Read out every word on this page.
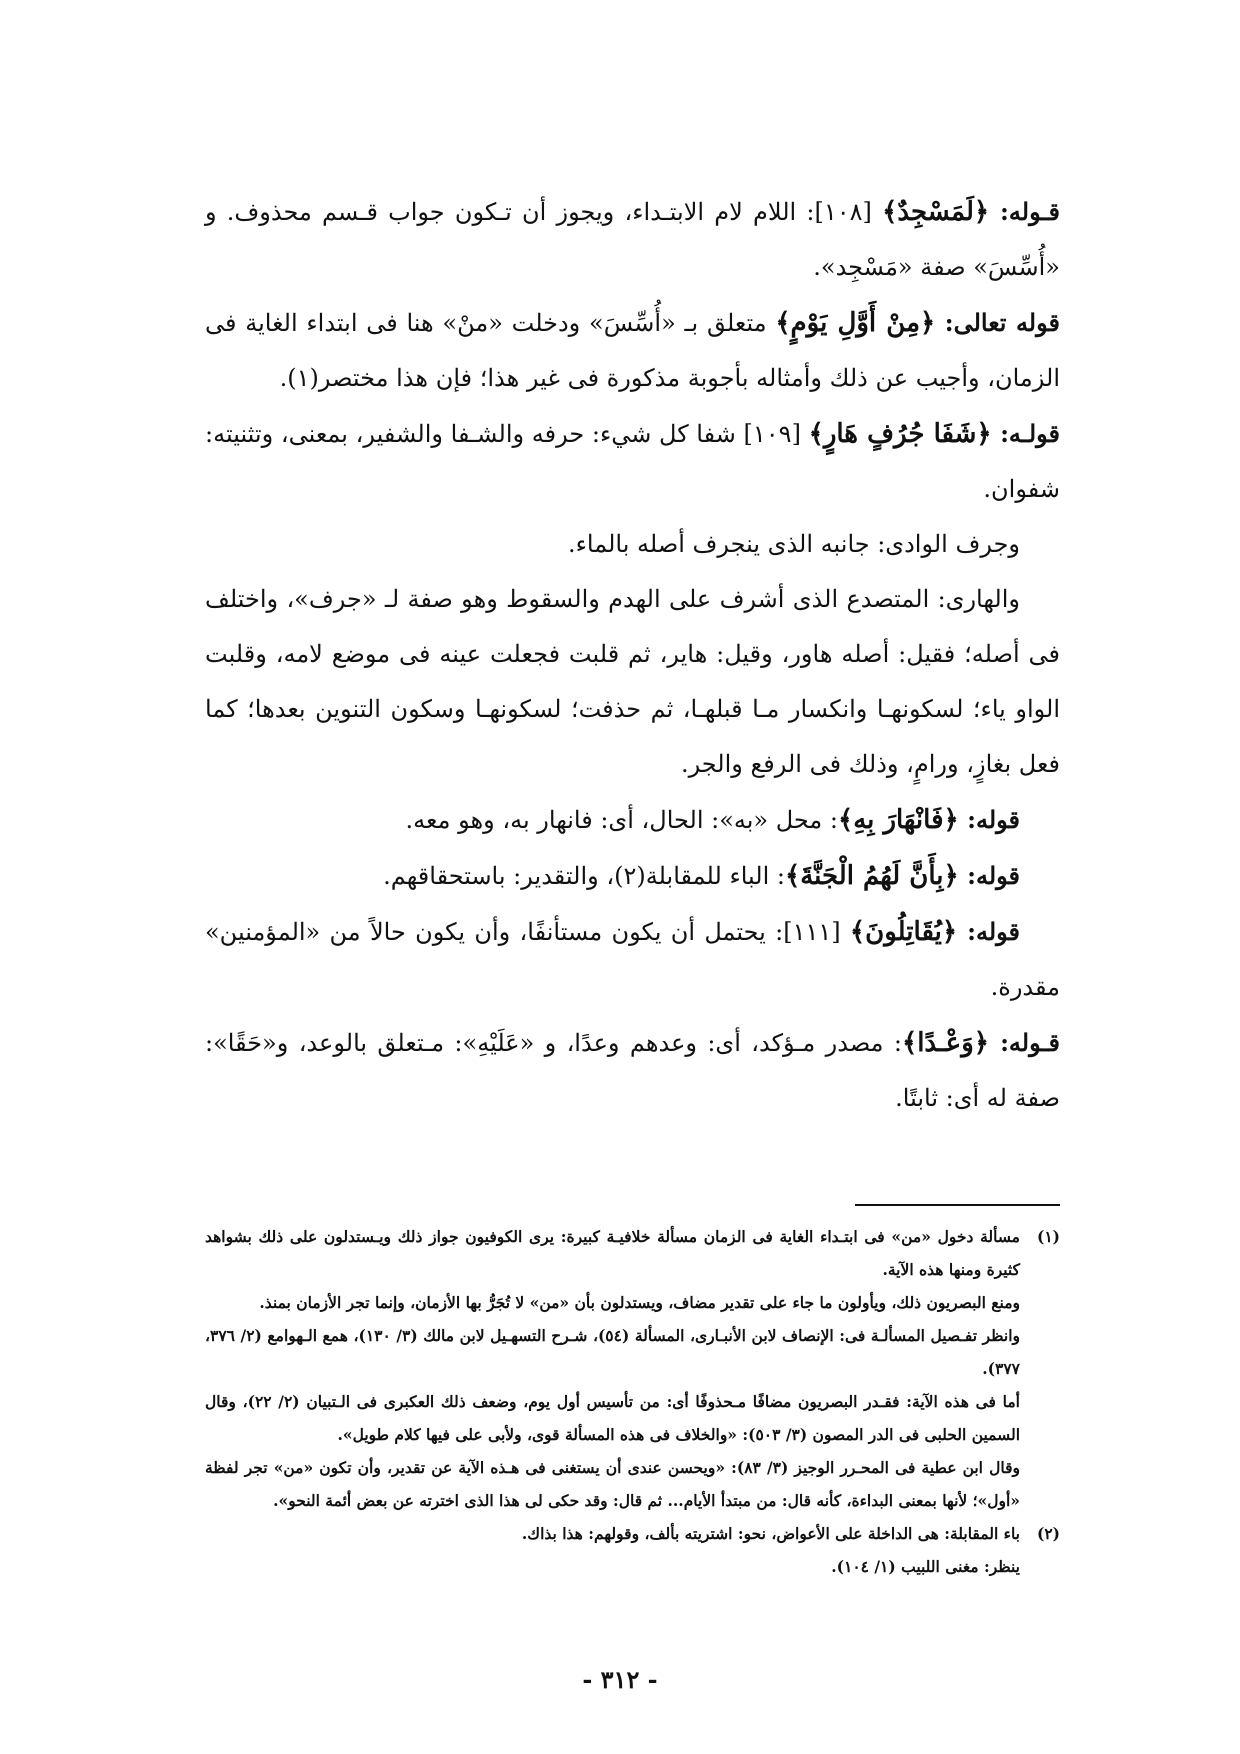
قـوله: ﴿لَمَسْجِدٌ﴾ [١٠٨]: اللام لام الابتـداء، ويجوز أن تـكون جواب قـسم محذوف. و «أُسِّسَ» صفة «مَسْجِد».

قوله تعالى: ﴿مِنْ أَوَّلِ يَوْمٍ﴾ متعلق بـ «أُسِّسَ» ودخلت «منْ» هنا فى ابتداء الغاية فى الزمان، وأجيب عن ذلك وأمثاله بأجوبة مذكورة فى غير هذا؛ فإن هذا مختصر(١).

قولـه: ﴿شَفَا جُرُفٍ هَارٍ﴾ [١٠٩] شفا كل شيء: حرفه والشـفا والشفير، بمعنى، وتثنيته: شفوان.

وجرف الوادى: جانبه الذى ينجرف أصله بالماء.

والهارى: المتصدع الذى أشرف على الهدم والسقوط وهو صفة لـ «جرف»، واختلف فى أصله؛ فقيل: أصله هاور، وقيل: هاير، ثم قلبت فجعلت عينه فى موضع لامه، وقلبت الواو ياء؛ لسكونهـا وانكسار مـا قبلهـا، ثم حذفت؛ لسكونهـا وسكون التنوين بعدها؛ كما فعل بغازٍ، ورامٍ، وذلك فى الرفع والجر.

قوله: ﴿فَانْهَارَ بِهِ﴾: محل «به»: الحال، أى: فانهار به، وهو معه.

قوله: ﴿بِأَنَّ لَهُمُ الْجَنَّةَ﴾: الباء للمقابلة(٢)، والتقدير: باستحقاقهم.

قوله: ﴿يُقَاتِلُونَ﴾ [١١١]: يحتمل أن يكون مستأنفًا، وأن يكون حالاً من «المؤمنين» مقدرة.

قـوله: ﴿وَعْـدًا﴾: مصدر مـؤكد، أى: وعدهم وعدًا، و «عَلَيْهِ»: مـتعلق بالوعد، و«حَقًا»: صفة له أى: ثابتًا.

(١)
مسألة دخول «من» فى ابتـداء الغاية فى الزمان مسألة خلافيـة كبيرة: يرى الكوفيون جواز ذلك ويـستدلون على ذلك بشواهد كثيرة ومنها هذه الآية.
ومنع البصريون ذلك، ويأولون ما جاء على تقدير مضاف، ويستدلون بأن «من» لا تُجَرُّ بها الأزمان، وإنما تجر الأزمان بمنذ.
وانظر تفـصيل المسألـة فى: الإنصاف لابن الأنبـارى، المسألة (٥٤)، شـرح التسهـيل لابن مالك (٣/ ١٣٠)، همع الـهوامع (٢/ ٣٧٦، ٣٧٧).
أما فى هذه الآية: فقـدر البصريون مضافًا مـحذوفًا أى: من تأسيس أول يوم، وضعف ذلك العكبرى فى الـتبيان (٢/ ٢٢)، وقال السمين الحلبى فى الدر المصون (٣/ ٥٠٣): «والخلاف فى هذه المسألة قوى، ولأبى على فيها كلام طويل».
وقال ابن عطية فى المحـرر الوجيز (٣/ ٨٣): «ويحسن عندى أن يستغنى فى هـذه الآية عن تقدير، وأن تكون «من» تجر لفظة «أول»؛ لأنها بمعنى البداءة، كأنه قال: من مبتدأ الأيام... ثم قال: وقد حكى لى هذا الذى اخترته عن بعض أئمة النحو».
(٢)
باء المقابلة: هى الداخلة على الأعواض، نحو: اشتريته بألف، وقولهم: هذا بذاك.
ينظر: مغنى اللبيب (١/ ١٠٤).
- ٣١٢ -
